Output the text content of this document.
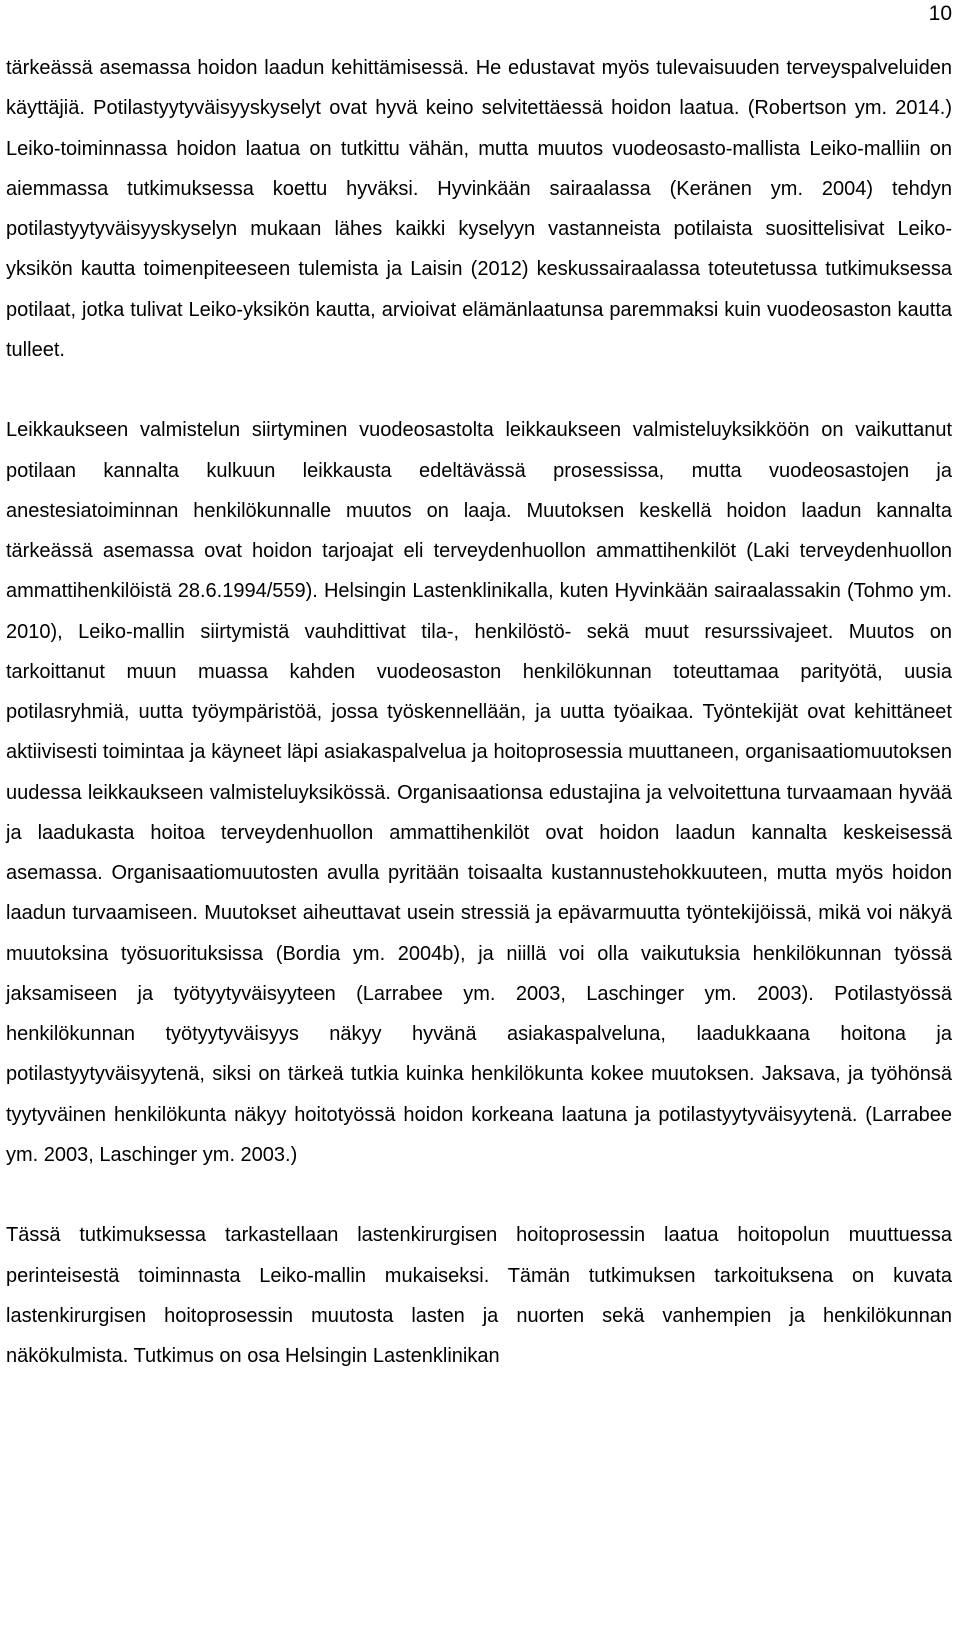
10

tärkeässä asemassa hoidon laadun kehittämisessä. He edustavat myös tulevaisuuden terveyspalveluiden käyttäjiä. Potilastyytyväisyyskyselyt ovat hyvä keino selvitettäessä hoidon laatua. (Robertson ym. 2014.) Leiko-toiminnassa hoidon laatua on tutkittu vähän, mutta muutos vuodeosasto-mallista Leiko-malliin on aiemmassa tutkimuksessa koettu hyväksi. Hyvinkään sairaalassa (Keränen ym. 2004) tehdyn potilastyytyväisyyskyselyn mukaan lähes kaikki kyselyyn vastanneista potilaista suosittelisivat Leiko-yksikön kautta toimenpiteeseen tulemista ja Laisin (2012) keskussairaalassa toteutetussa tutkimuksessa potilaat, jotka tulivat Leiko-yksikön kautta, arvioivat elämänlaatunsa paremmaksi kuin vuodeosaston kautta tulleet.

Leikkaukseen valmistelun siirtyminen vuodeosastolta leikkaukseen valmisteluyksikköön on vaikuttanut potilaan kannalta kulkuun leikkausta edeltävässä prosessissa, mutta vuodeosastojen ja anestesiatoiminnan henkilökunnalle muutos on laaja. Muutoksen keskellä hoidon laadun kannalta tärkeässä asemassa ovat hoidon tarjoajat eli terveydenhuollon ammattihenkilöt (Laki terveydenhuollon ammattihenkilöistä 28.6.1994/559). Helsingin Lastenklinikalla, kuten Hyvinkään sairaalassakin (Tohmo ym. 2010), Leiko-mallin siirtymistä vauhdittivat tila-, henkilöstö- sekä muut resurssivajeet. Muutos on tarkoittanut muun muassa kahden vuodeosaston henkilökunnan toteuttamaa parityötä, uusia potilasryhmiä, uutta työympäristöä, jossa työskennellään, ja uutta työaikaa. Työntekijät ovat kehittäneet aktiivisesti toimintaa ja käyneet läpi asiakaspalvelua ja hoitoprosessia muuttaneen, organisaatiomuutoksen uudessa leikkaukseen valmisteluyksikössä. Organisaationsa edustajina ja velvoitettuna turvaamaan hyvää ja laadukasta hoitoa terveydenhuollon ammattihenkilöt ovat hoidon laadun kannalta keskeisessä asemassa. Organisaatiomuutosten avulla pyritään toisaalta kustannustehokkuuteen, mutta myös hoidon laadun turvaamiseen. Muutokset aiheuttavat usein stressiä ja epävarmuutta työntekijöissä, mikä voi näkyä muutoksina työsuorituksissa (Bordia ym. 2004b), ja niillä voi olla vaikutuksia henkilökunnan työssä jaksamiseen ja työtyytyväisyyteen (Larrabee ym. 2003, Laschinger ym. 2003). Potilastyössä henkilökunnan työtyytyväisyys näkyy hyvänä asiakaspalveluna, laadukkaana hoitona ja potilastyytyväisyytenä, siksi on tärkeä tutkia kuinka henkilökunta kokee muutoksen. Jaksava, ja työhönsä tyytyväinen henkilökunta näkyy hoitotyössä hoidon korkeana laatuna ja potilastyytyväisyytenä. (Larrabee ym. 2003, Laschinger ym. 2003.)

Tässä tutkimuksessa tarkastellaan lastenkirurgisen hoitoprosessin laatua hoitopolun muuttuessa perinteisestä toiminnasta Leiko-mallin mukaiseksi. Tämän tutkimuksen tarkoituksena on kuvata lastenkirurgisen hoitoprosessin muutosta lasten ja nuorten sekä vanhempien ja henkilökunnan näkökulmista. Tutkimus on osa Helsingin Lastenklinikan
